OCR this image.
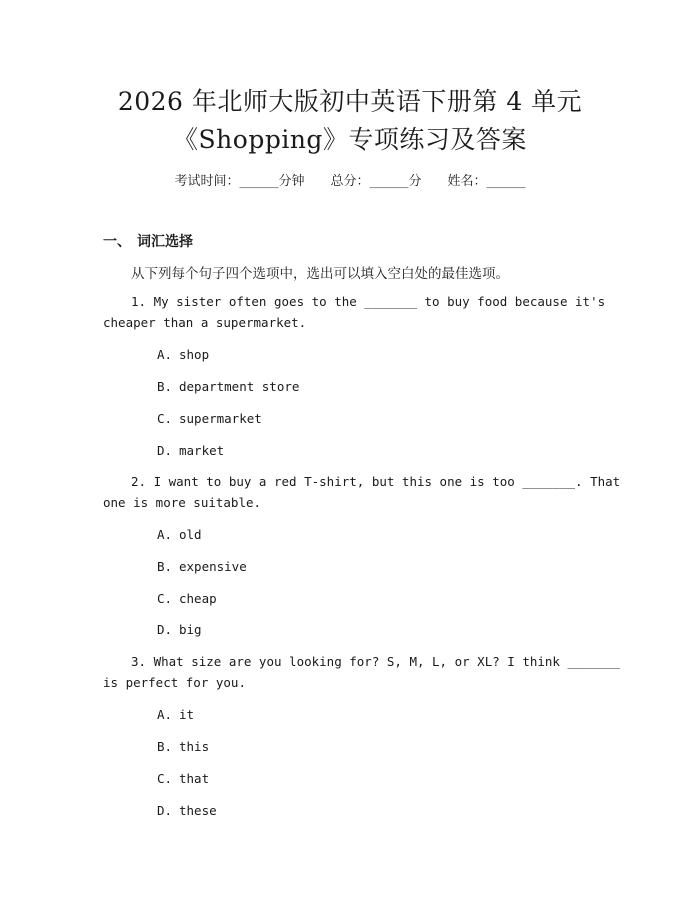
2026 年北师大版初中英语下册第 4 单元
《Shopping》专项练习及答案
考试时间：______分钟 总分：______分 姓名：______
一、 词汇选择
从下列每个句子四个选项中，选出可以填入空白处的最佳选项。
1. My sister often goes to the _______ to buy food because it's
cheaper than a supermarket.
A. shop
B. department store
C. supermarket
D. market
2. I want to buy a red T-shirt, but this one is too _______. That
one is more suitable.
A. old
B. expensive
C. cheap
D. big
3. What size are you looking for? S, M, L, or XL? I think _______
is perfect for you.
A. it
B. this
C. that
D. these
